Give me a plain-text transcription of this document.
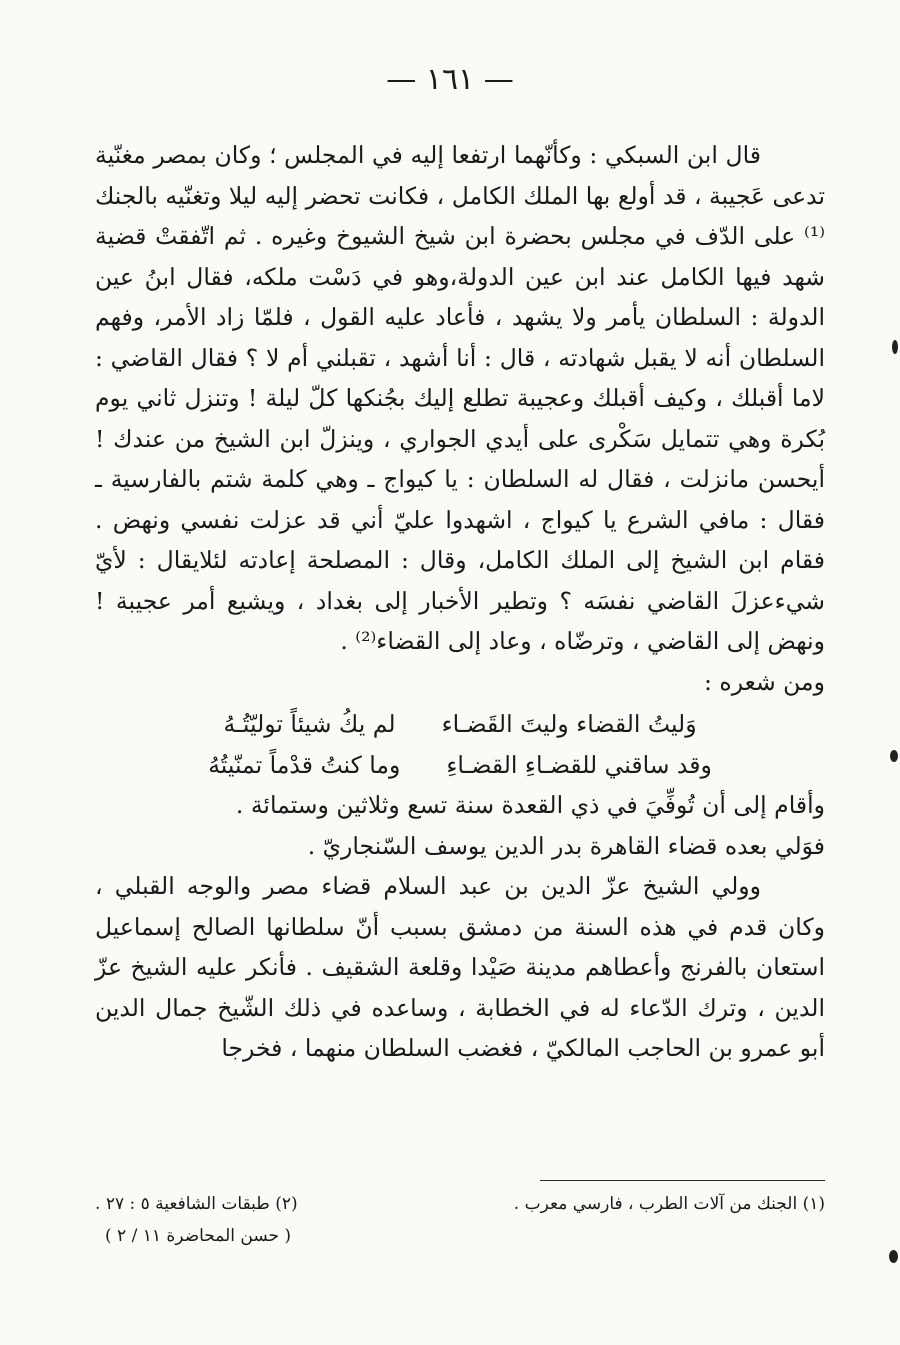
— ١٦١ —

قال ابن السبكي : وكأنّهما ارتفعا إليه في المجلس ؛ وكان بمصر مغنّية تدعى عَجيبة ، قد أولع بها الملك الكامل ، فكانت تحضر إليه ليلا وتغنّيه بالجنك ⁽¹⁾ على الدّف في مجلس بحضرة ابن شيخ الشيوخ وغيره . ثم اتّفقتْ قضية شهد فيها الكامل عند ابن عين الدولة،وهو في دَسْت ملكه، فقال ابنُ عين الدولة : السلطان يأمر ولا يشهد ، فأعاد عليه القول ، فلمّا زاد الأمر، وفهم السلطان أنه لا يقبل شهادته ، قال : أنا أشهد ، تقبلني أم لا ؟ فقال القاضي : لاما أقبلك ، وكيف أقبلك وعجيبة تطلع إليك بجُنكها كلّ ليلة ! وتنزل ثاني يوم بُكرة وهي تتمايل سَكْرى على أيدي الجواري ، وينزلّ ابن الشيخ من عندك ! أيحسن مانزلت ، فقال له السلطان : يا كيواج ـ وهي كلمة شتم بالفارسية ـ فقال : مافي الشرع يا كيواج ، اشهدوا عليّ أني قد عزلت نفسي ونهض . فقام ابن الشيخ إلى الملك الكامل، وقال : المصلحة إعادته لئلايقال : لأيّ شيءعزلَ القاضي نفسَه ؟ وتطير الأخبار إلى بغداد ، ويشيع أمر عجيبة ! ونهض إلى القاضي ، وترضّاه ، وعاد إلى القضاء⁽²⁾ .

ومن شعره :

وَليتُ القضاء وليتَ القَضـاء
لم يكُ شيئاً توليّتُـهُ
وقد ساقني للقضـاءِ القضـاءِ
وما كنتُ قدْماً تمنّيتُهُ

وأقام إلى أن تُوفِّيَ في ذي القعدة سنة تسع وثلاثين وستمائة .

فوَلي بعده قضاء القاهرة بدر الدين يوسف السّنجاريّ .

وولي الشيخ عزّ الدين بن عبد السلام قضاء مصر والوجه القبلي ، وكان قدم في هذه السنة من دمشق بسبب أنّ سلطانها الصالح إسماعيل استعان بالفرنج وأعطاهم مدينة صَيْدا وقلعة الشقيف . فأنكر عليه الشيخ عزّ الدين ، وترك الدّعاء له في الخطابة ، وساعده في ذلك الشّيخ جمال الدين أبو عمرو بن الحاجب المالكيّ ، فغضب السلطان منهما ، فخرجا

(١) الجنك من آلات الطرب ، فارسي معرب .
(٢) طبقات الشافعية ٥ : ٢٧ .
( حسن المحاضرة ١١ / ٢ )
